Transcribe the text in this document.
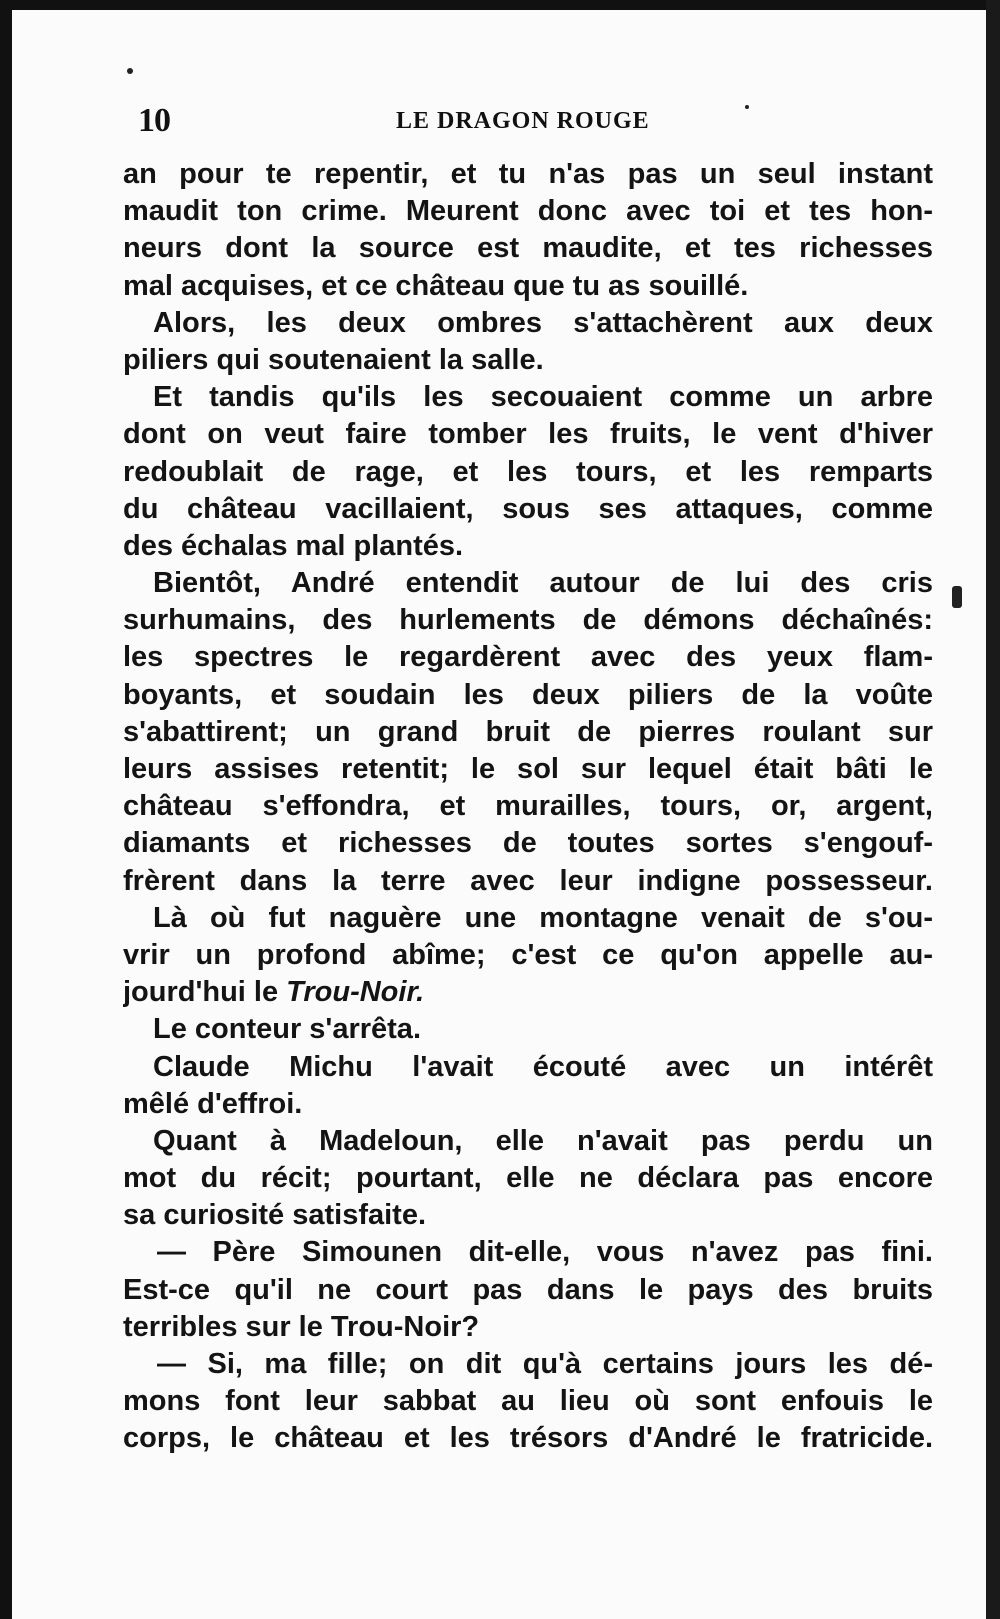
10	LE DRAGON ROUGE
an pour te repentir, et tu n'as pas un seul instant
maudit ton crime. Meurent donc avec toi et tes hon-
neurs dont la source est maudite, et tes richesses
mal acquises, et ce château que tu as souillé.
Alors, les deux ombres s'attachèrent aux deux
piliers qui soutenaient la salle.
Et tandis qu'ils les secouaient comme un arbre
dont on veut faire tomber les fruits, le vent d'hiver
redoublait de rage, et les tours, et les remparts
du château vacillaient, sous ses attaques, comme
des échalas mal plantés.
Bientôt, André entendit autour de lui des cris
surhumains, des hurlements de démons déchaînés:
les spectres le regardèrent avec des yeux flam-
boyants, et soudain les deux piliers de la voûte
s'abattirent; un grand bruit de pierres roulant sur
leurs assises retentit; le sol sur lequel était bâti le
château s'effondra, et murailles, tours, or, argent,
diamants et richesses de toutes sortes s'engouf-
frèrent dans la terre avec leur indigne possesseur.
Là où fut naguère une montagne venait de s'ou-
vrir un profond abîme; c'est ce qu'on appelle au-
jourd'hui le Trou-Noir.
Le conteur s'arrêta.
Claude Michu l'avait écouté avec un intérêt
mêlé d'effroi.
Quant à Madeloun, elle n'avait pas perdu un
mot du récit; pourtant, elle ne déclara pas encore
sa curiosité satisfaite.
— Père Simounen dit-elle, vous n'avez pas fini.
Est-ce qu'il ne court pas dans le pays des bruits
terribles sur le Trou-Noir?
— Si, ma fille; on dit qu'à certains jours les dé-
mons font leur sabbat au lieu où sont enfouis le
corps, le château et les trésors d'André le fratricide.
